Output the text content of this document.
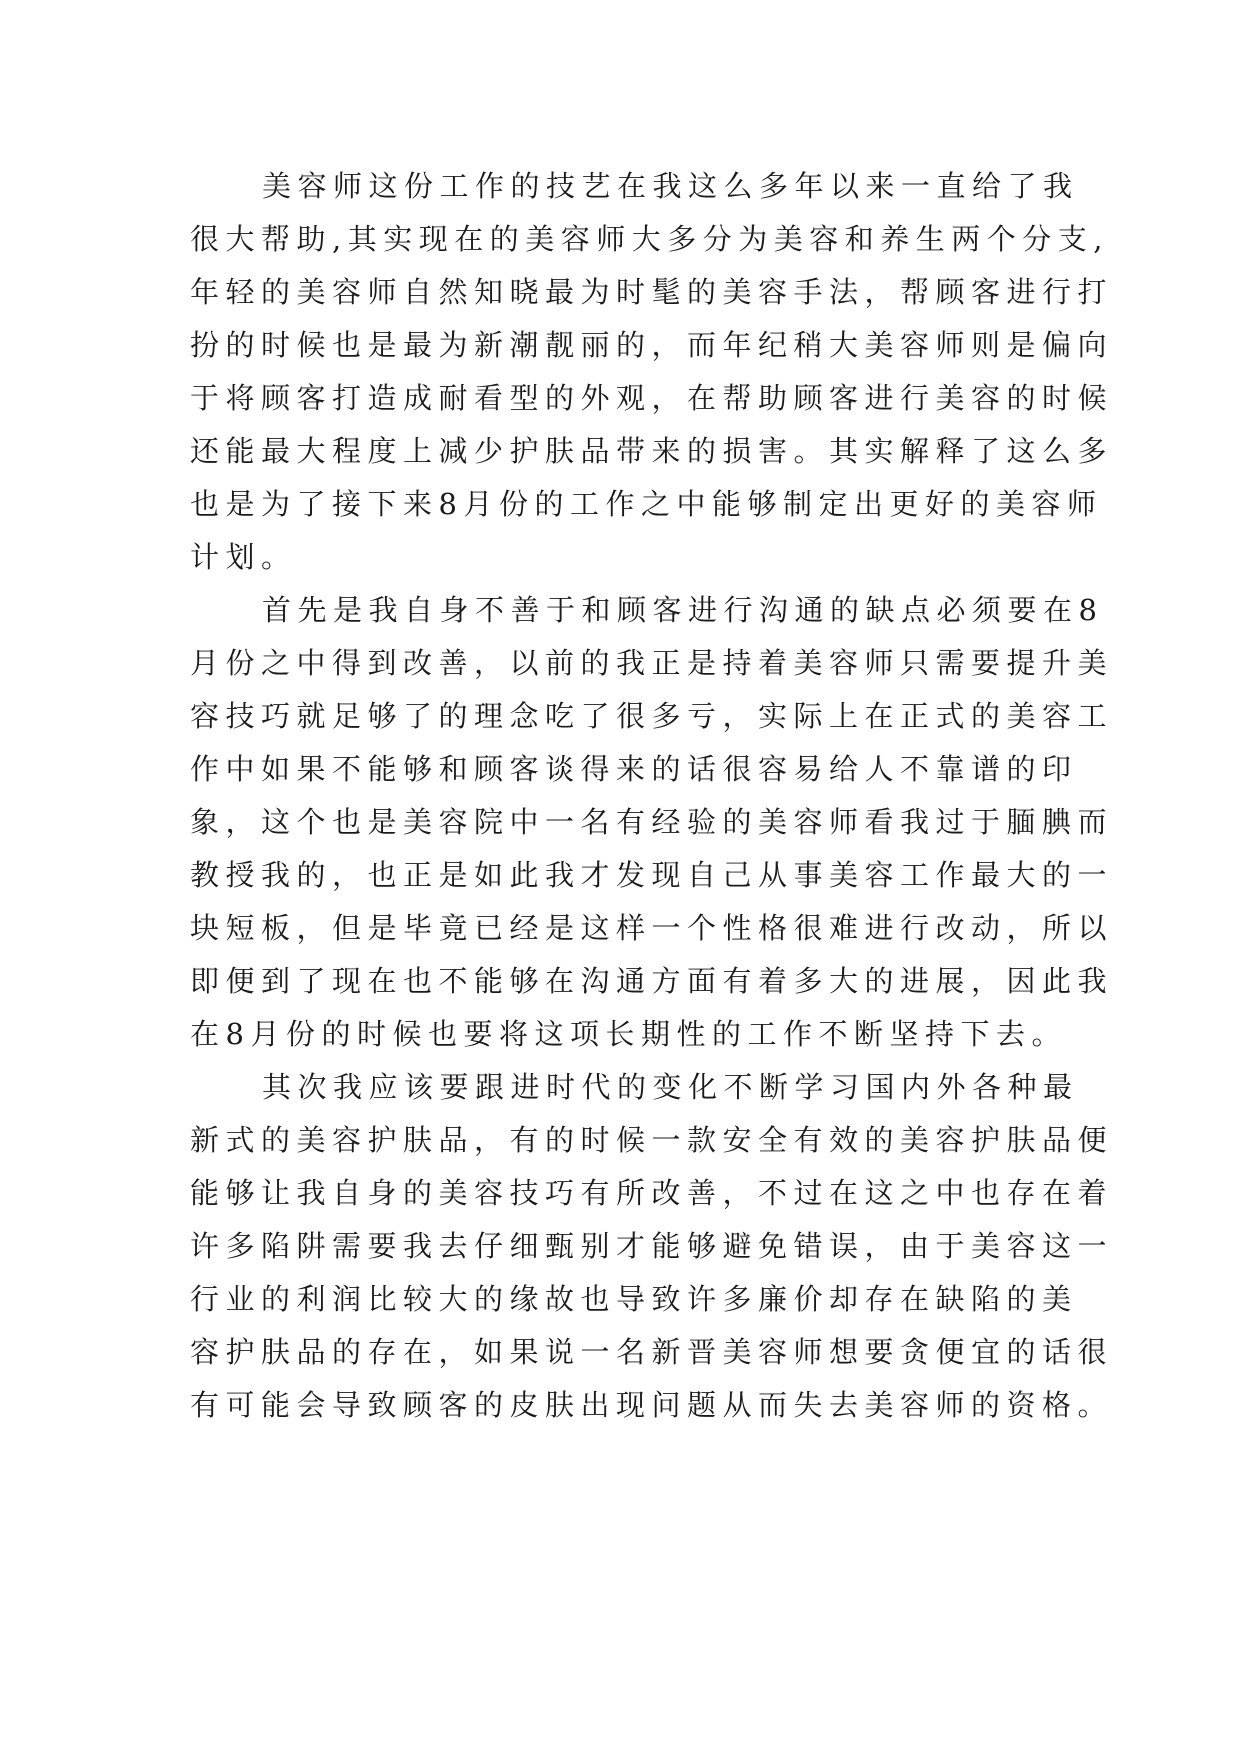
美容师这份工作的技艺在我这么多年以来一直给了我
很大帮助,其实现在的美容师大多分为美容和养生两个分支,
年轻的美容师自然知晓最为时髦的美容手法，帮顾客进行打
扮的时候也是最为新潮靓丽的，而年纪稍大美容师则是偏向
于将顾客打造成耐看型的外观，在帮助顾客进行美容的时候
还能最大程度上减少护肤品带来的损害。其实解释了这么多
也是为了接下来8月份的工作之中能够制定出更好的美容师
计划。
首先是我自身不善于和顾客进行沟通的缺点必须要在8
月份之中得到改善，以前的我正是持着美容师只需要提升美
容技巧就足够了的理念吃了很多亏，实际上在正式的美容工
作中如果不能够和顾客谈得来的话很容易给人不靠谱的印
象，这个也是美容院中一名有经验的美容师看我过于腼腆而
教授我的，也正是如此我才发现自己从事美容工作最大的一
块短板，但是毕竟已经是这样一个性格很难进行改动，所以
即便到了现在也不能够在沟通方面有着多大的进展，因此我
在8月份的时候也要将这项长期性的工作不断坚持下去。
其次我应该要跟进时代的变化不断学习国内外各种最
新式的美容护肤品，有的时候一款安全有效的美容护肤品便
能够让我自身的美容技巧有所改善，不过在这之中也存在着
许多陷阱需要我去仔细甄别才能够避免错误，由于美容这一
行业的利润比较大的缘故也导致许多廉价却存在缺陷的美
容护肤品的存在，如果说一名新晋美容师想要贪便宜的话很
有可能会导致顾客的皮肤出现问题从而失去美容师的资格。
